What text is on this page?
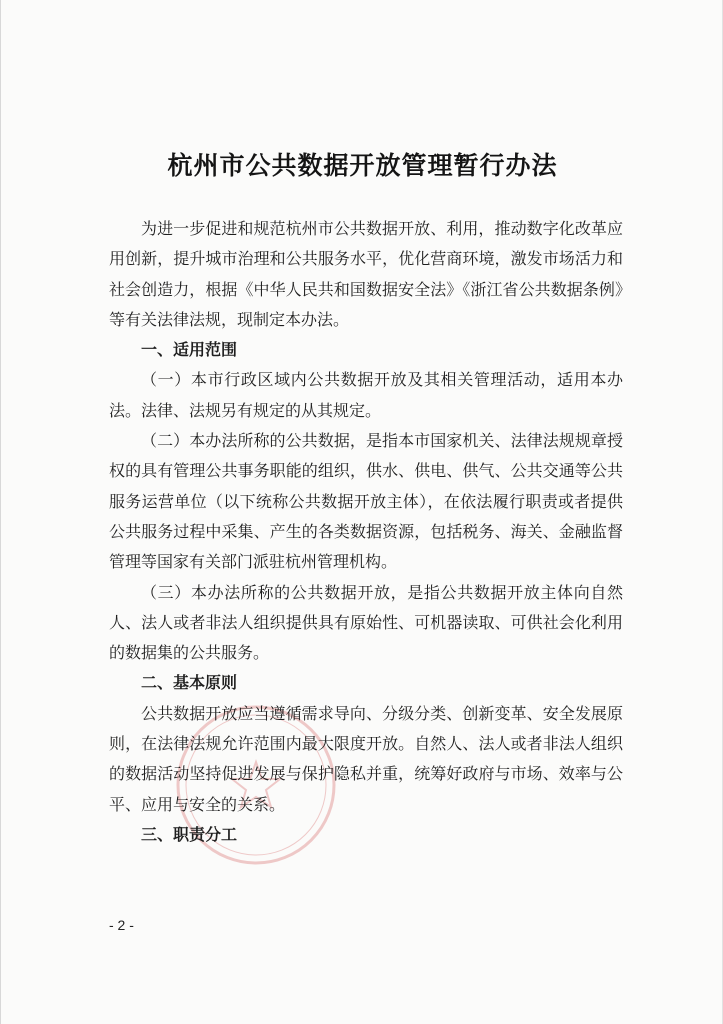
杭州市公共数据开放管理暂行办法

为进一步促进和规范杭州市公共数据开放、利用，推动数字化改革应用创新，提升城市治理和公共服务水平，优化营商环境，激发市场活力和社会创造力，根据《中华人民共和国数据安全法》《浙江省公共数据条例》等有关法律法规，现制定本办法。

一、适用范围

（一）本市行政区域内公共数据开放及其相关管理活动，适用本办法。法律、法规另有规定的从其规定。

（二）本办法所称的公共数据，是指本市国家机关、法律法规规章授权的具有管理公共事务职能的组织，供水、供电、供气、公共交通等公共服务运营单位（以下统称公共数据开放主体），在依法履行职责或者提供公共服务过程中采集、产生的各类数据资源，包括税务、海关、金融监督管理等国家有关部门派驻杭州管理机构。

（三）本办法所称的公共数据开放，是指公共数据开放主体向自然人、法人或者非法人组织提供具有原始性、可机器读取、可供社会化利用的数据集的公共服务。

二、基本原则

公共数据开放应当遵循需求导向、分级分类、创新变革、安全发展原则，在法律法规允许范围内最大限度开放。自然人、法人或者非法人组织的数据活动坚持促进发展与保护隐私并重，统筹好政府与市场、效率与公平、应用与安全的关系。

三、职责分工

- 2 -
